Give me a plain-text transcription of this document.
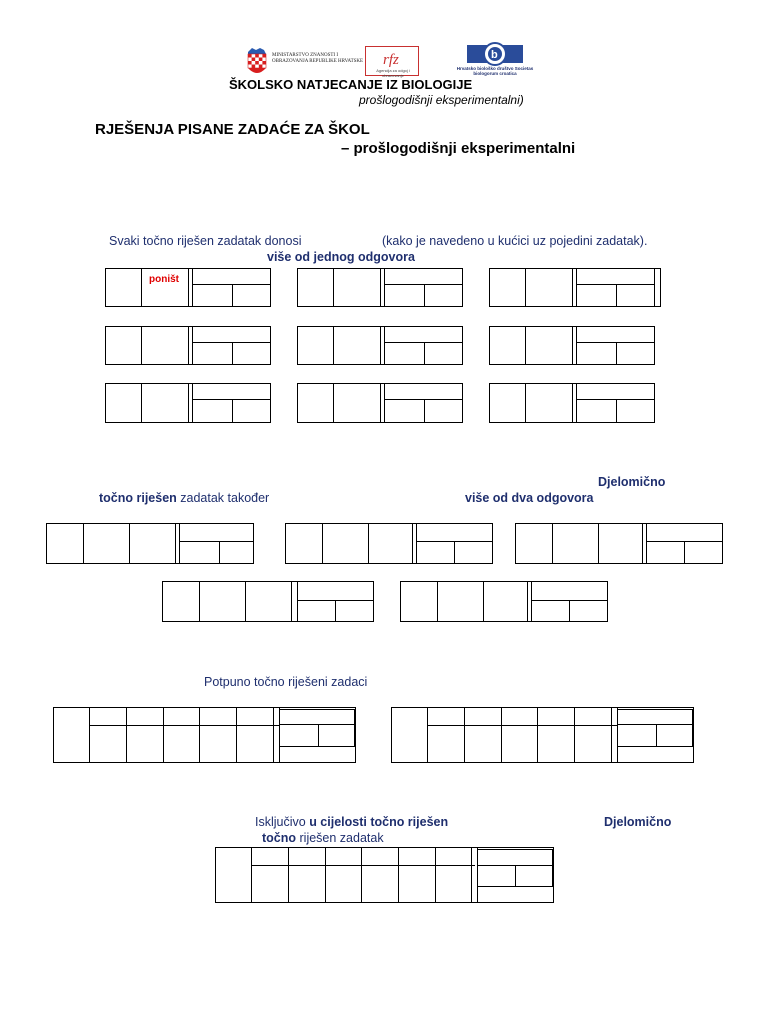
MINISTARSTVO ZNANOSTI I OBRAZOVANJA REPUBLIKE HRVATSKE	rfz
Agencija za odgoj i obrazovanje
b
Hrvatsko biološko društvo Societas biologorum croatica
ŠKOLSKO NATJECANJE IZ BIOLOGIJE
prošlogodišnji eksperimentalni)
RJEŠENJA PISANE ZADAĆE ZA ŠKOL
– prošlogodišnji eksperimentalni
Svaki točno riješen zadatak donosi	(kako je navedeno u kućici uz pojedini zadatak).
više od jednog odgovora
poništ
Djelomično
točno riješen zadatak također	više od dva odgovora
Potpuno točno riješeni zadaci
Isključivo u cijelosti točno riješen	Djelomično
točno riješen zadatak
